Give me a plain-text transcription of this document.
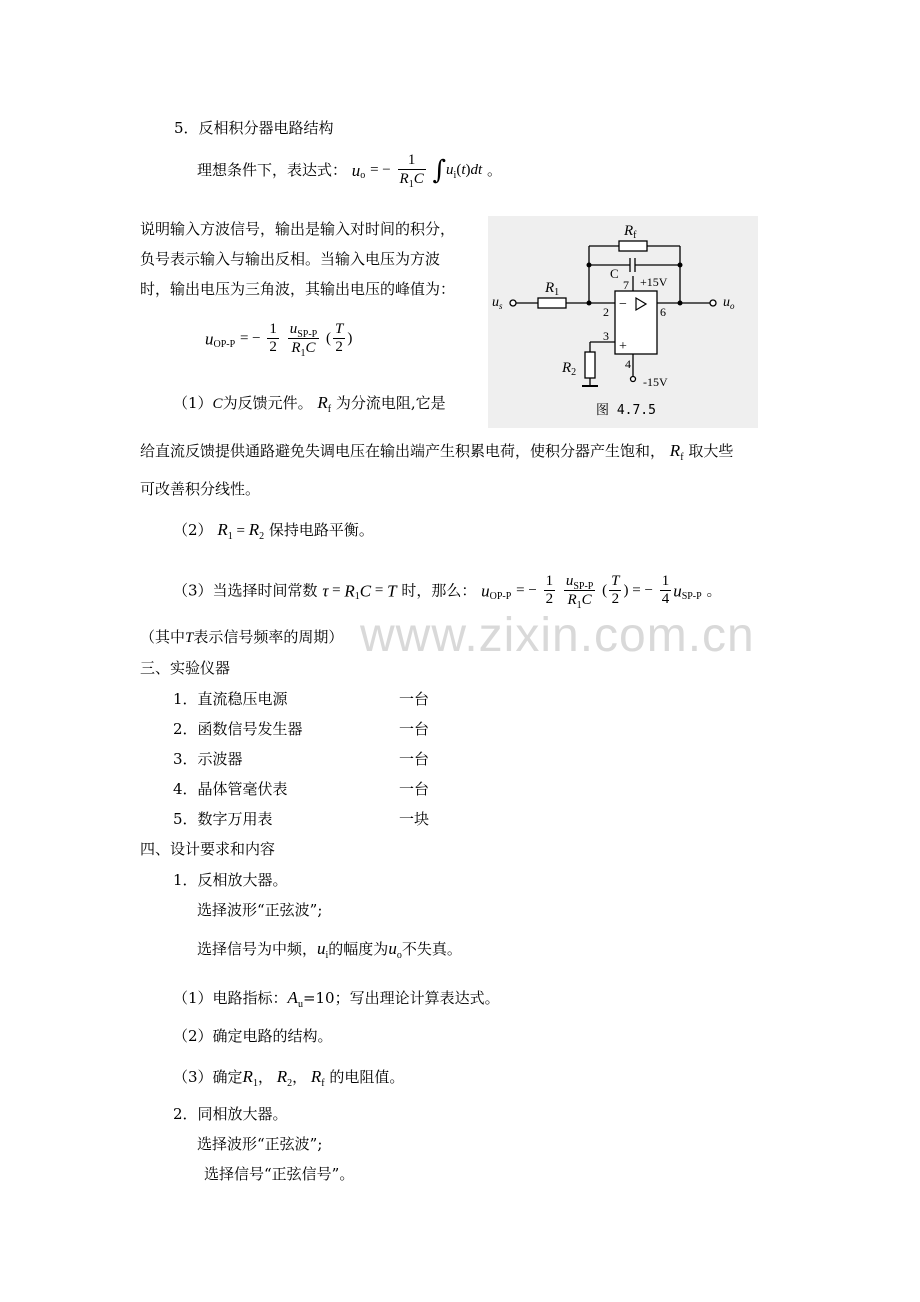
5．反相积分器电路结构
理想条件下，表达式： $u_o$ = − $\frac{1}{R_1C} \int u_i(t)dt$ 。
说明输入方波信号，输出是输入对时间的积分，
负号表示输入与输出反相。当输入电压为方波
时，输出电压为三角波，其输出电压的峰值为：
$u_{OP-P}$ = − $\frac{1}{2}$
$\frac{u_{SP-P}}{R_1C}$ ( $\frac{T}{2}$ )
（1）C为反馈元件。 $R_f$ 为分流电阻,它是
给直流反馈提供通路避免失调电压在输出端产生积累电荷，使积分器产生饱和， $R_f$ 取大些
可改善积分线性。
（2） $R_1 = R_2$ 保持电路平衡。
（3）当选择时间常数 $\tau = R_1C = T$ 时，那么： $u_{OP-P}$ = − $\frac{1}{2}$
$\frac{u_{SP-P}}{R_1C}$ ( $\frac{T}{2}$ ) = − $\frac{1}{4} u_{SP-P}$ 。
（其中T表示信号频率的周期） www.zixin.com.cn
三、实验仪器
1．直流稳压电源	一台
2．函数信号发生器	一台
3．示波器	一台
4．晶体管毫伏表	一台
5．数字万用表	一块
四、设计要求和内容
1．反相放大器。
选择波形“正弦波”;
选择信号为中频，$u_i$的幅度为$u_o$不失真。
（1）电路指标：$A_u=10$；写出理论计算表达式。
（2）确定电路的结构。
（3）确定$R_1$， $R_2$， $R_f$ 的电阻值。
2．同相放大器。
选择波形“正弦波”;
选择信号“正弦信号”。
−
+
$R_f$
$R_1$
$R_2$
C
7 +15V
6
2
3
4
-15V
$u_s$	$u_o$
图 4.7.5
